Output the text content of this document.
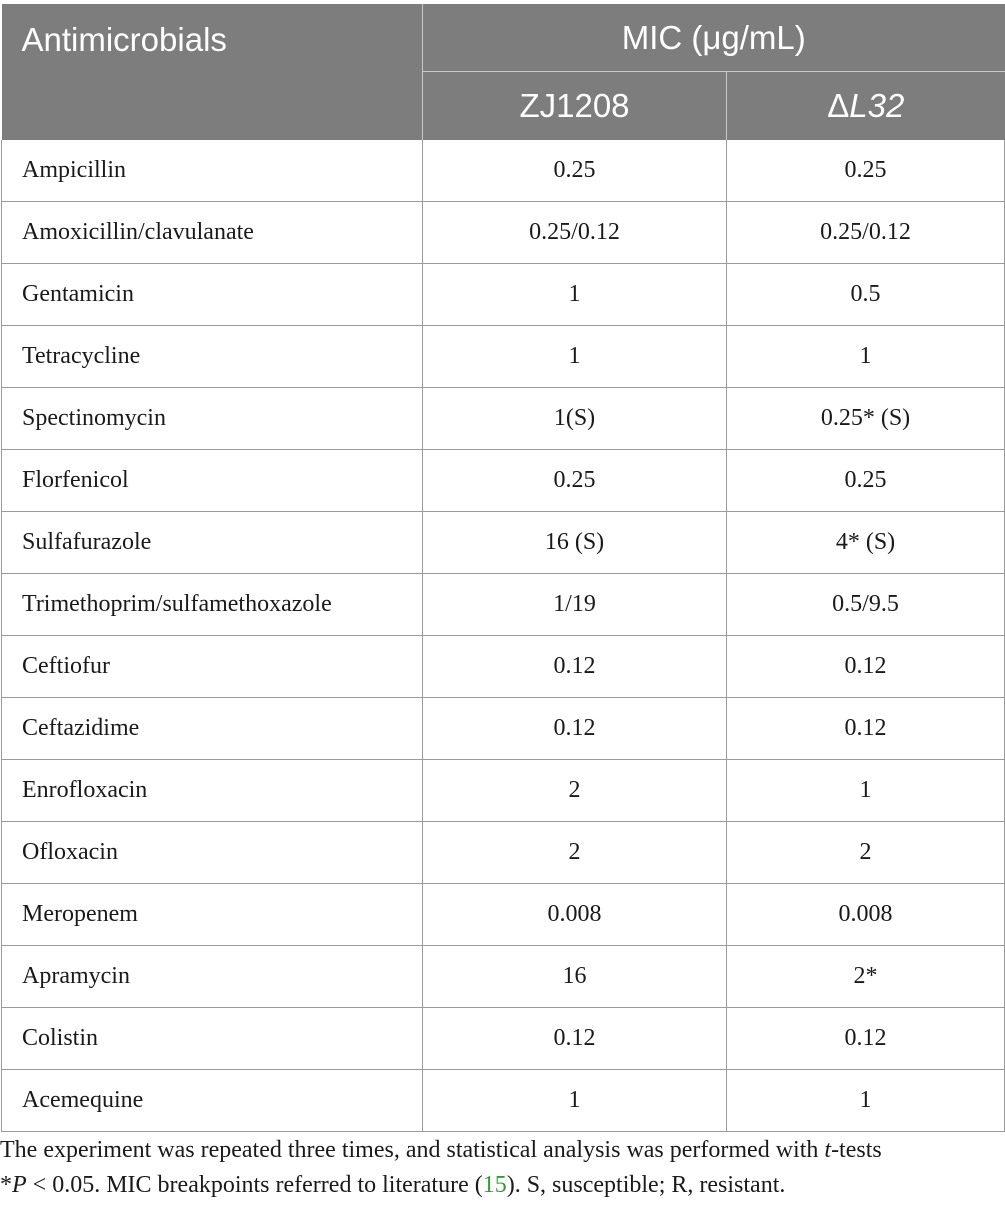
Antimicrobials	MIC (μg/mL)	
	ZJ1208	ΔL32
Ampicillin	0.25	0.25
Amoxicillin/clavulanate	0.25/0.12	0.25/0.12
Gentamicin	1	0.5
Tetracycline	1	1
Spectinomycin	1(S)	0.25* (S)
Florfenicol	0.25	0.25
Sulfafurazole	16 (S)	4* (S)
Trimethoprim/sulfamethoxazole	1/19	0.5/9.5
Ceftiofur	0.12	0.12
Ceftazidime	0.12	0.12
Enrofloxacin	2	1
Ofloxacin	2	2
Meropenem	0.008	0.008
Apramycin	16	2*
Colistin	0.12	0.12
Acemequine	1	1
The experiment was repeated three times, and statistical analysis was performed with t-tests
*P < 0.05. MIC breakpoints referred to literature (15). S, susceptible; R, resistant.
